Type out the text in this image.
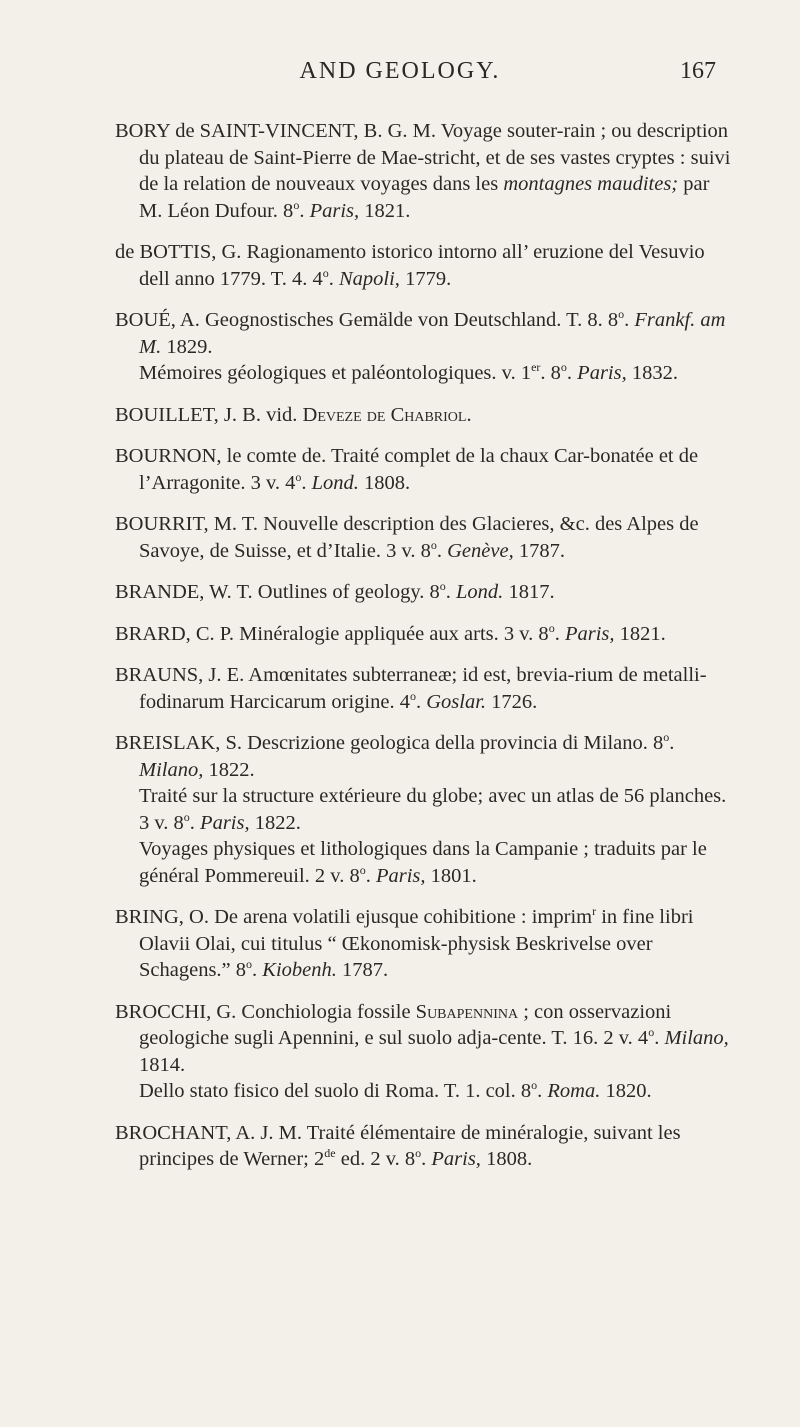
AND GEOLOGY.	167

BORY de SAINT-VINCENT, B. G. M. Voyage souter-rain ; ou description du plateau de Saint-Pierre de Mae-stricht, et de ses vastes cryptes : suivi de la relation de nouveaux voyages dans les montagnes maudites; par M. Léon Dufour. 8$^o$. Paris, 1821.

de BOTTIS, G. Ragionamento istorico intorno all’ eruzione del Vesuvio dell anno 1779. T. 4. 4$^o$. Napoli, 1779.

BOUÉ, A. Geognostisches Gemälde von Deutschland. T. 8. 8$^o$. Frankf. am M. 1829.

Mémoires géologiques et paléontologiques. v. 1er. 8$^o$. Paris, 1832.

BOUILLET, J. B. vid. Deveze de Chabriol.

BOURNON, le comte de. Traité complet de la chaux Car-bonatée et de l’Arragonite. 3 v. 4$^o$. Lond. 1808.

BOURRIT, M. T. Nouvelle description des Glacieres, &c. des Alpes de Savoye, de Suisse, et d’Italie. 3 v. 8$^o$. Genève, 1787.

BRANDE, W. T. Outlines of geology. 8$^o$. Lond. 1817.

BRARD, C. P. Minéralogie appliquée aux arts. 3 v. 8$^o$. Paris, 1821.

BRAUNS, J. E. Amœnitates subterraneæ; id est, brevia-rium de metalli-fodinarum Harcicarum origine. 4$^o$. Goslar. 1726.

BREISLAK, S. Descrizione geologica della provincia di Milano. 8$^o$. Milano, 1822.

Traité sur la structure extérieure du globe; avec un atlas de 56 planches. 3 v. 8$^o$. Paris, 1822.

Voyages physiques et lithologiques dans la Campanie ; traduits par le général Pommereuil. 2 v. 8$^o$. Paris, 1801.

BRING, O. De arena volatili ejusque cohibitione : imprim$^r$ in fine libri Olavii Olai, cui titulus “ Œkonomisk-physisk Beskrivelse over Schagens.” 8$^o$. Kiobenh. 1787.

BROCCHI, G. Conchiologia fossile Subapennina ; con osservazioni geologiche sugli Apennini, e sul suolo adja-cente. T. 16. 2 v. 4$^o$. Milano, 1814.

Dello stato fisico del suolo di Roma. T. 1. col. 8$^o$. Roma. 1820.

BROCHANT, A. J. M. Traité élémentaire de minéralogie, suivant les principes de Werner; 2de ed. 2 v. 8$^o$. Paris, 1808.
